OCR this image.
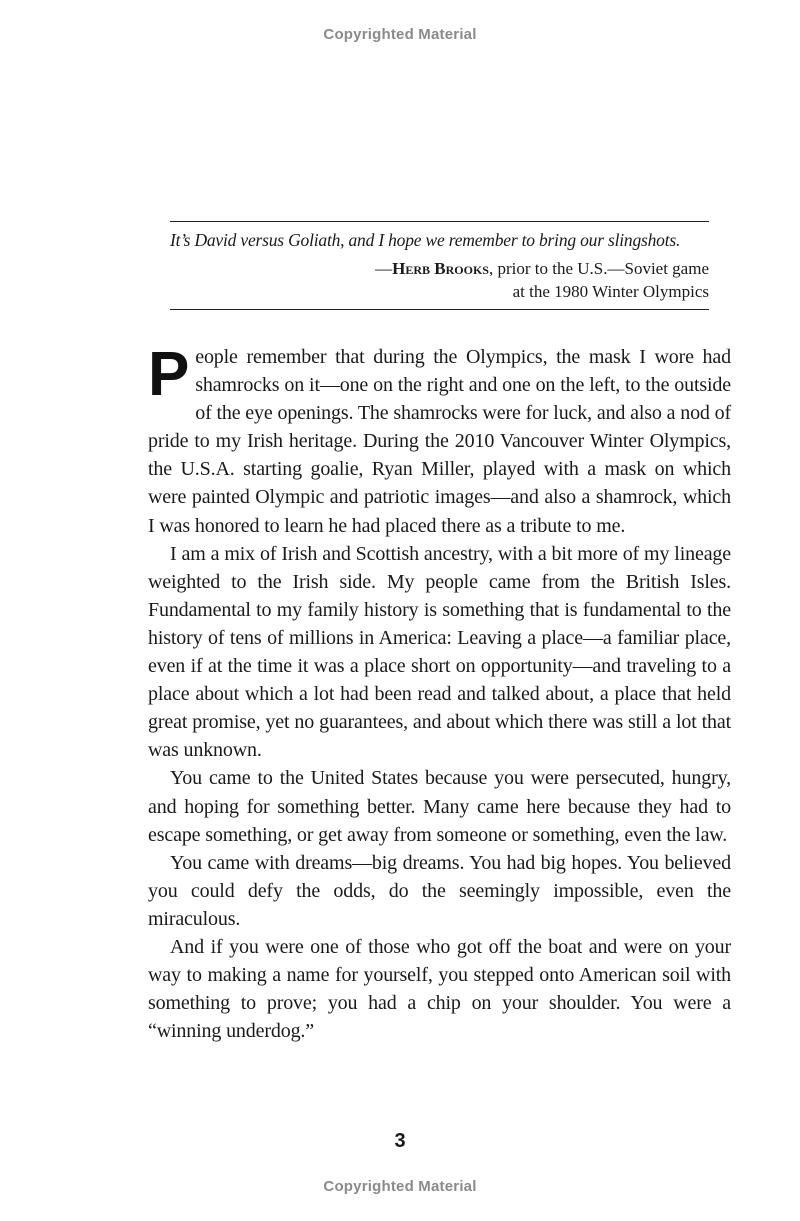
Copyrighted Material
It’s David versus Goliath, and I hope we remember to bring our slingshots.
—Herb Brooks, prior to the U.S.—Soviet game
at the 1980 Winter Olympics

People remember that during the Olympics, the mask I wore had shamrocks on it—one on the right and one on the left, to the outside of the eye openings. The shamrocks were for luck, and also a nod of pride to my Irish heritage. During the 2010 Vancouver Winter Olympics, the U.S.A. starting goalie, Ryan Miller, played with a mask on which were painted Olympic and patriotic images—and also a shamrock, which I was honored to learn he had placed there as a tribute to me.

I am a mix of Irish and Scottish ancestry, with a bit more of my lineage weighted to the Irish side. My people came from the British Isles. Fundamental to my family history is something that is fundamental to the history of tens of millions in America: Leaving a place—a familiar place, even if at the time it was a place short on opportunity—and traveling to a place about which a lot had been read and talked about, a place that held great promise, yet no guarantees, and about which there was still a lot that was unknown.

You came to the United States because you were persecuted, hungry, and hoping for something better. Many came here because they had to escape something, or get away from someone or something, even the law.

You came with dreams—big dreams. You had big hopes. You believed you could defy the odds, do the seemingly impossible, even the miraculous.

And if you were one of those who got off the boat and were on your way to making a name for yourself, you stepped onto American soil with something to prove; you had a chip on your shoulder. You were a “winning underdog.”

3
Copyrighted Material
